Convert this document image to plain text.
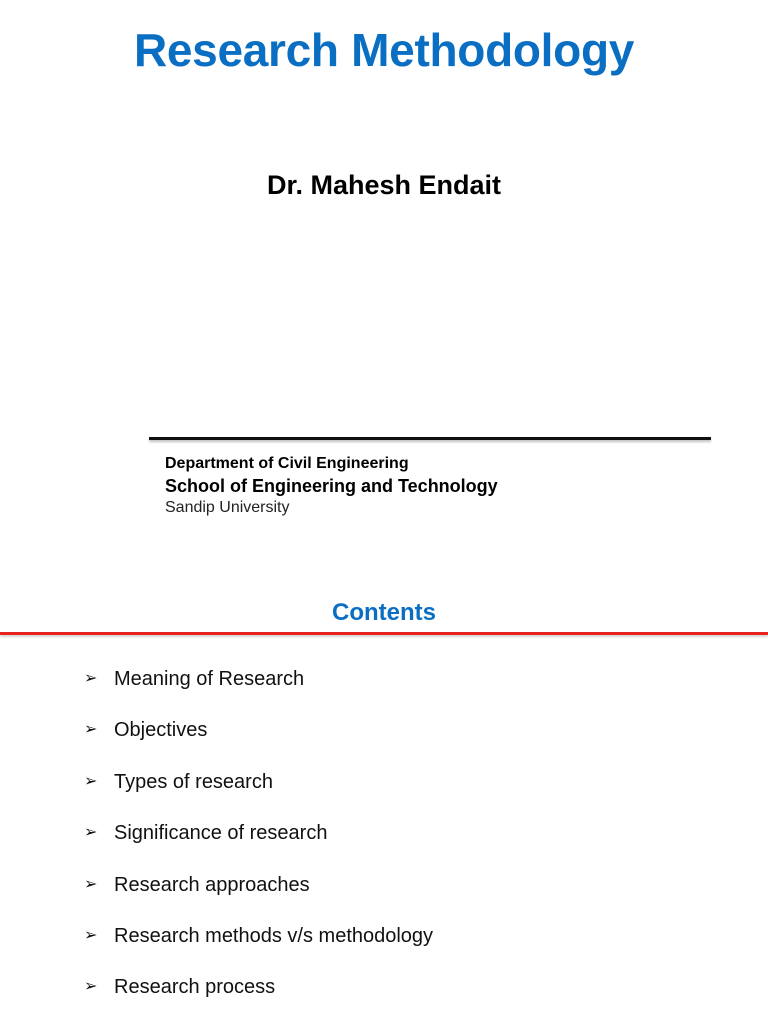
Research Methodology
Dr. Mahesh Endait

Department of Civil Engineering

School of Engineering and Technology

Sandip University

Contents
➢ Meaning of Research
➢ Objectives
➢ Types of research
➢ Significance of research
➢ Research approaches
➢ Research methods v/s methodology
➢ Research process
